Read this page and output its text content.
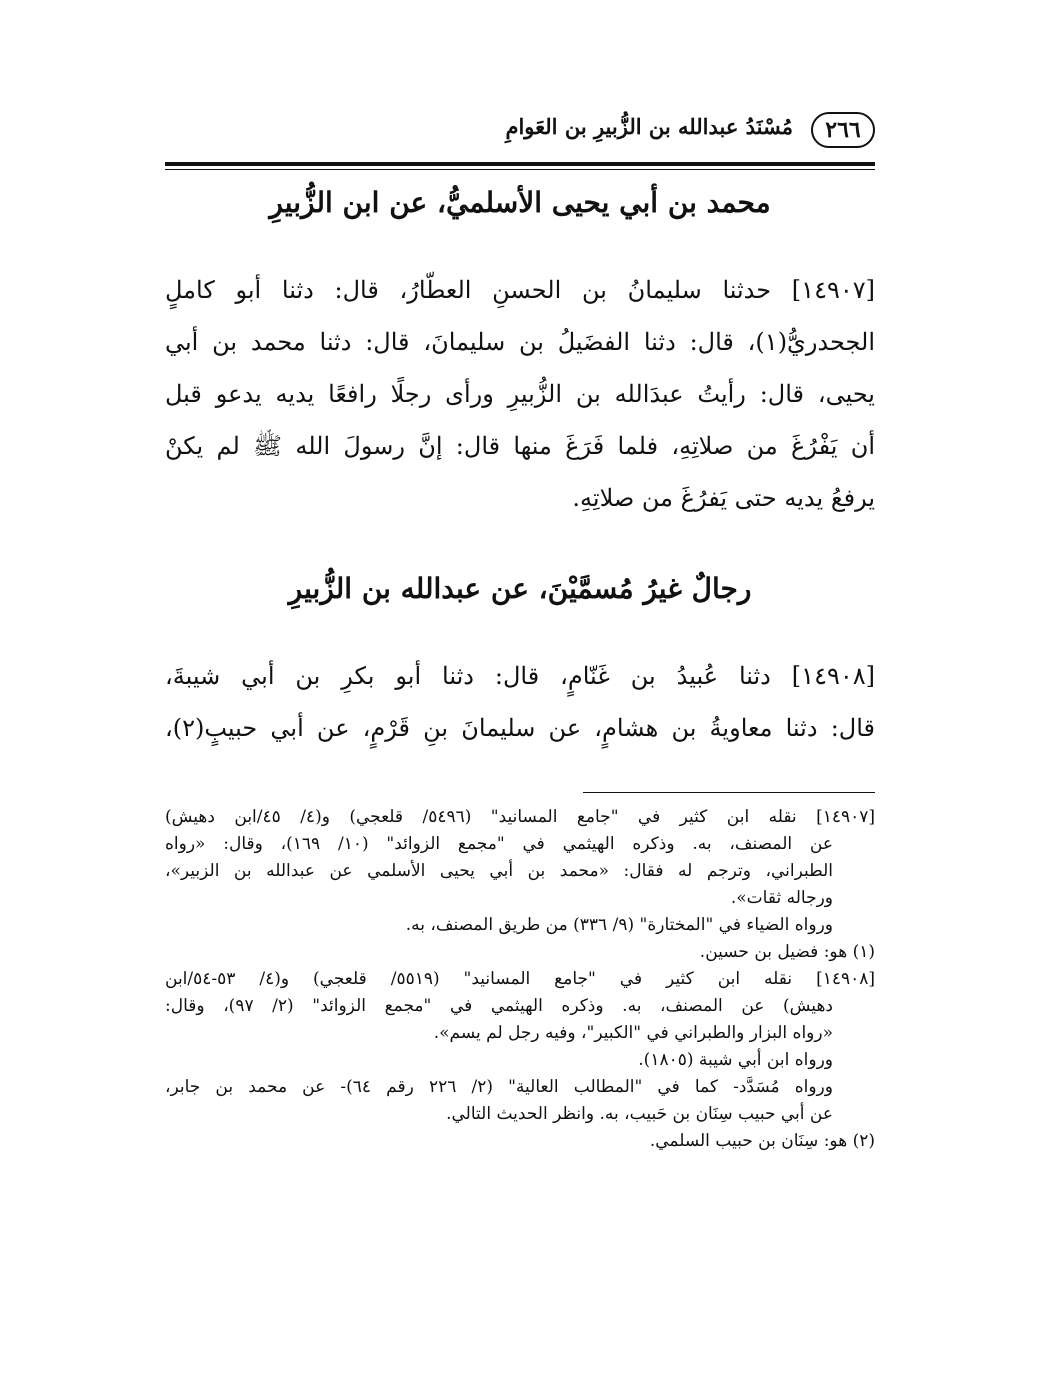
٢٦٦
مُسْنَدُ عبدالله بن الزُّبيرِ بن العَوامِ
محمد بن أبي يحيى الأسلميُّ، عن ابن الزُّبيرِ
[١٤٩٠٧] حدثنا سليمانُ بن الحسنِ العطّارُ، قال: دثنا أبو كاملٍ
الجحدريُّ(١)، قال: دثنا الفضَيلُ بن سليمانَ، قال: دثنا محمد بن أبي
يحيى، قال: رأيتُ عبدَالله بن الزُّبيرِ ورأى رجلًا رافعًا يديه يدعو قبل
أن يَفْرُغَ من صلاتِهِ، فلما فَرَغَ منها قال: إنَّ رسولَ الله ﷺ لم يكنْ
يرفعُ يديه حتى يَفرُغَ من صلاتِهِ.
رجالٌ غيرُ مُسمَّيْنَ، عن عبدالله بن الزُّبيرِ
[١٤٩٠٨] دثنا عُبيدُ بن غَنّامٍ، قال: دثنا أبو بكرِ بن أبي شيبةَ،
قال: دثنا معاويةُ بن هشامٍ، عن سليمانَ بنِ قَرْمٍ، عن أبي حبيبٍ(٢)،
[١٤٩٠٧] نقله ابن كثير في "جامع المسانيد" (٥٤٩٦/ قلعجي) و(٤/ ٤٥/ابن دهيش)
عن المصنف، به. وذكره الهيثمي في "مجمع الزوائد" (١٠/ ١٦٩)، وقال: «رواه
الطبراني، وترجم له فقال: «محمد بن أبي يحيى الأسلمي عن عبدالله بن الزبير»،
ورجاله ثقات».
ورواه الضياء في "المختارة" (٩/ ٣٣٦) من طريق المصنف، به.
(١) هو: فضيل بن حسين.
[١٤٩٠٨] نقله ابن كثير في "جامع المسانيد" (٥٥١٩/ قلعجي) و(٤/ ٥٣-٥٤/ابن
دهيش) عن المصنف، به. وذكره الهيثمي في "مجمع الزوائد" (٢/ ٩٧)، وقال:
«رواه البزار والطبراني في "الكبير"، وفيه رجل لم يسم».
ورواه ابن أبي شيبة (١٨٠٥).
ورواه مُسَدَّد- كما في "المطالب العالية" (٢/ ٢٢٦ رقم ٦٤)- عن محمد بن جابر،
عن أبي حبيب سِنَان بن حَبيب، به. وانظر الحديث التالي.
(٢) هو: سِنَان بن حبيب السلمي.
